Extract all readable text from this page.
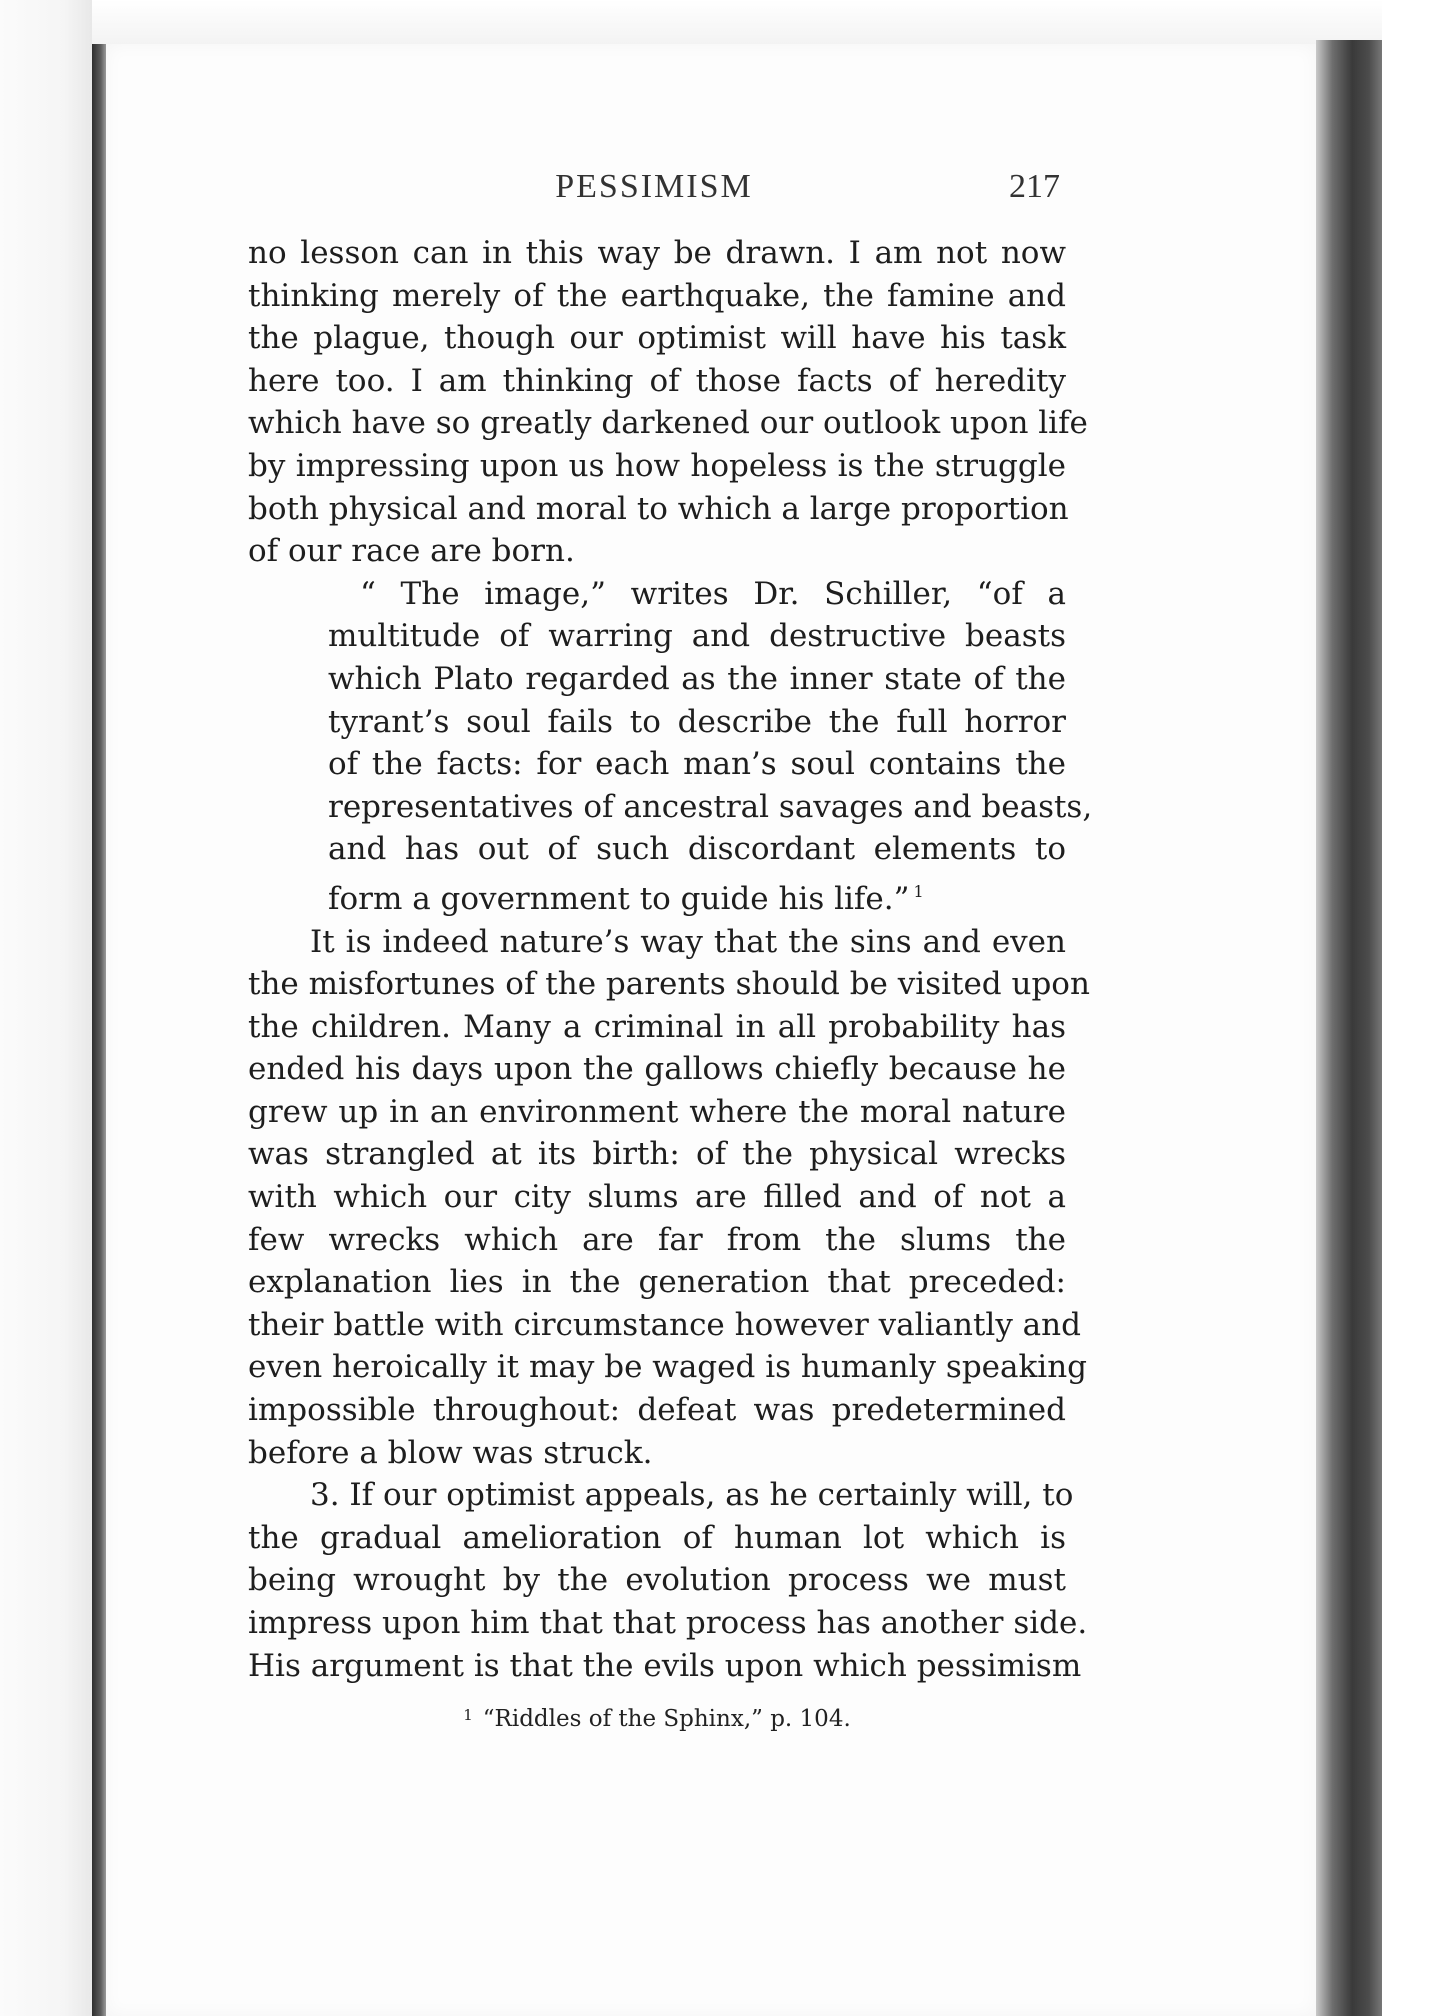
PESSIMISM	217

no lesson can in this way be drawn. I am not now
thinking merely of the earthquake, the famine and
the plague, though our optimist will have his task
here too. I am thinking of those facts of heredity
which have so greatly darkened our outlook upon life
by impressing upon us how hopeless is the struggle
both physical and moral to which a large proportion
of our race are born.

“ The image,” writes Dr. Schiller, “of a
multitude of warring and destructive beasts
which Plato regarded as the inner state of the
tyrant’s soul fails to describe the full horror
of the facts: for each man’s soul contains the
representatives of ancestral savages and beasts,
and has out of such discordant elements to
form a government to guide his life.” $^1$

It is indeed nature’s way that the sins and even
the misfortunes of the parents should be visited upon
the children. Many a criminal in all probability has
ended his days upon the gallows chiefly because he
grew up in an environment where the moral nature
was strangled at its birth: of the physical wrecks
with which our city slums are filled and of not a
few wrecks which are far from the slums the
explanation lies in the generation that preceded:
their battle with circumstance however valiantly and
even heroically it may be waged is humanly speaking
impossible throughout: defeat was predetermined
before a blow was struck.

3. If our optimist appeals, as he certainly will, to
the gradual amelioration of human lot which is
being wrought by the evolution process we must
impress upon him that that process has another side.
His argument is that the evils upon which pessimism

$^1$ “Riddles of the Sphinx,” p. 104.
